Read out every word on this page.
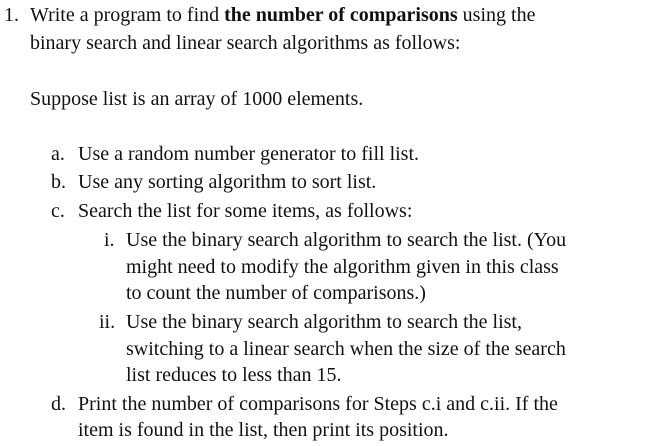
1. Write a program to find the number of comparisons using the
binary search and linear search algorithms as follows:
Suppose list is an array of 1000 elements.
a. Use a random number generator to fill list.
b. Use any sorting algorithm to sort list.
c. Search the list for some items, as follows:
i. Use the binary search algorithm to search the list. (You
might need to modify the algorithm given in this class
to count the number of comparisons.)
ii. Use the binary search algorithm to search the list,
switching to a linear search when the size of the search
list reduces to less than 15.
d. Print the number of comparisons for Steps c.i and c.ii. If the
item is found in the list, then print its position.
